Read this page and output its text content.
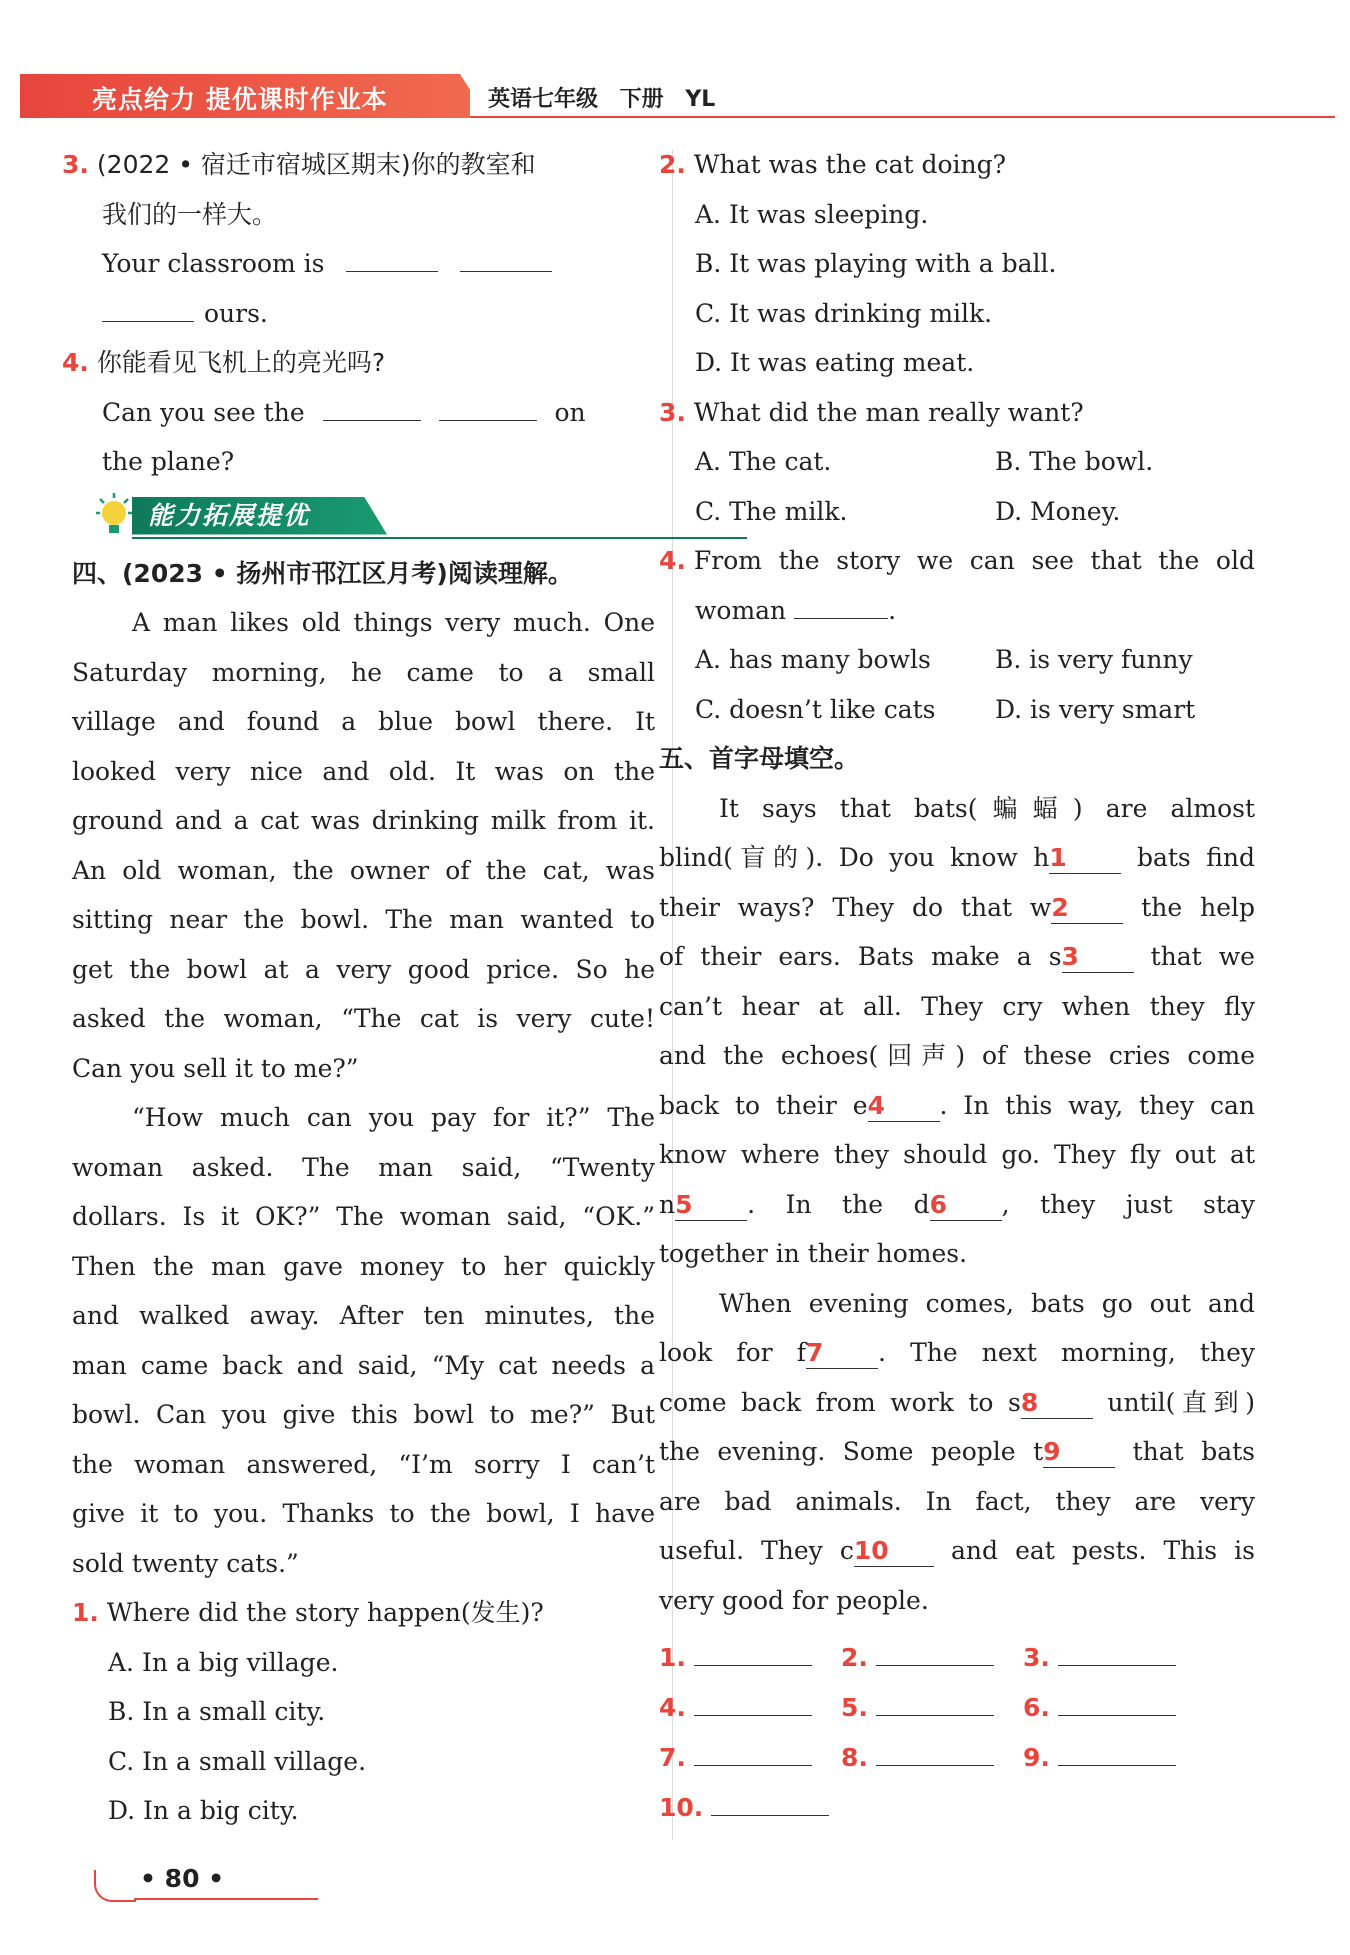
亮点给力 提优课时作业本	英语七年级 下册 YL
3. (2022 • 宿迁市宿城区期末)你的教室和
我们的一样大。
Your classroom is
ours.
4. 你能看见飞机上的亮光吗?
Can you see the	on
the plane?
能力拓展提优
四、(2023 • 扬州市邗江区月考)阅读理解。
A man likes old things very much. One
Saturday morning, he came to a small
village and found a blue bowl there. It
looked very nice and old. It was on the
ground and a cat was drinking milk from it.
An old woman, the owner of the cat, was
sitting near the bowl. The man wanted to
get the bowl at a very good price. So he
asked the woman, “The cat is very cute!
Can you sell it to me?”
“How much can you pay for it?” The
woman asked. The man said, “Twenty
dollars. Is it OK?” The woman said, “OK.”
Then the man gave money to her quickly
and walked away. After ten minutes, the
man came back and said, “My cat needs a
bowl. Can you give this bowl to me?” But
the woman answered, “I’m sorry I can’t
give it to you. Thanks to the bowl, I have
sold twenty cats.”
1. Where did the story happen(发生)?
A. In a big village.
B. In a small city.
C. In a small village.
D. In a big city.
2. What was the cat doing?
A. It was sleeping.
B. It was playing with a ball.
C. It was drinking milk.
D. It was eating meat.
3. What did the man really want?
A. The cat.	B. The bowl.
C. The milk.	D. Money.
4. From the story we can see that the old
woman	.
A. has many bowls	B. is very funny
C. doesn’t like cats	D. is very smart
五、首字母填空。
It says that bats(蝙蝠) are almost
blind(盲的). Do you know h1	bats find
their ways? They do that w2	the help
of their ears. Bats make a s3	that we
can’t hear at all. They cry when they fly
and the echoes(回声) of these cries come
back to their e4 . In this way, they can
know where they should go. They fly out at
n5 . In the d6 , they just stay
together in their homes.
When evening comes, bats go out and
look for f7 . The next morning, they
come back from work to s8	until(直到)
the evening. Some people t9	that bats
are bad animals. In fact, they are very
useful. They c10 and eat pests. This is
very good for people.
1.	2.	3.
4.	5.	6.
7.	8.	9.
10.
• 80 •
